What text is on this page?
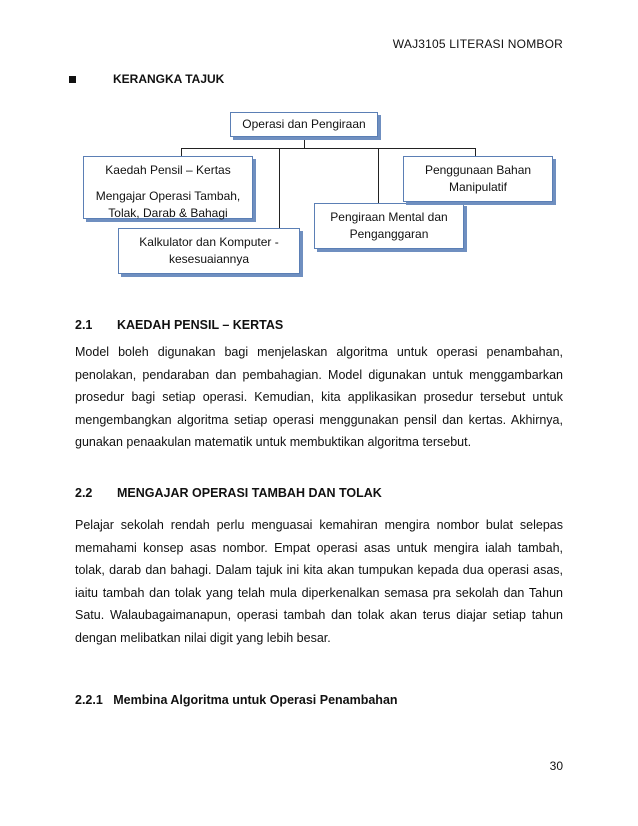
WAJ3105 LITERASI NOMBOR
KERANGKA TAJUK
Operasi dan Pengiraan
Kaedah Pensil – Kertas
Mengajar Operasi Tambah,
Tolak, Darab & Bahagi
Kalkulator dan Komputer -
kesesuaiannya
Pengiraan Mental dan
Penganggaran
Penggunaan Bahan
Manipulatif
2.1 KAEDAH PENSIL – KERTAS
Model boleh digunakan bagi menjelaskan algoritma untuk operasi penambahan,
penolakan, pendaraban dan pembahagian. Model digunakan untuk menggambarkan
prosedur bagi setiap operasi. Kemudian, kita applikasikan prosedur tersebut untuk
mengembangkan algoritma setiap operasi menggunakan pensil dan kertas. Akhirnya,
gunakan penaakulan matematik untuk membuktikan algoritma tersebut.
2.2 MENGAJAR OPERASI TAMBAH DAN TOLAK
Pelajar sekolah rendah perlu menguasai kemahiran mengira nombor bulat selepas
memahami konsep asas nombor. Empat operasi asas untuk mengira ialah tambah,
tolak, darab dan bahagi. Dalam tajuk ini kita akan tumpukan kepada dua operasi asas,
iaitu tambah dan tolak yang telah mula diperkenalkan semasa pra sekolah dan Tahun
Satu. Walaubagaimanapun, operasi tambah dan tolak akan terus diajar setiap tahun
dengan melibatkan nilai digit yang lebih besar.
2.2.1   Membina Algoritma untuk Operasi Penambahan
30
